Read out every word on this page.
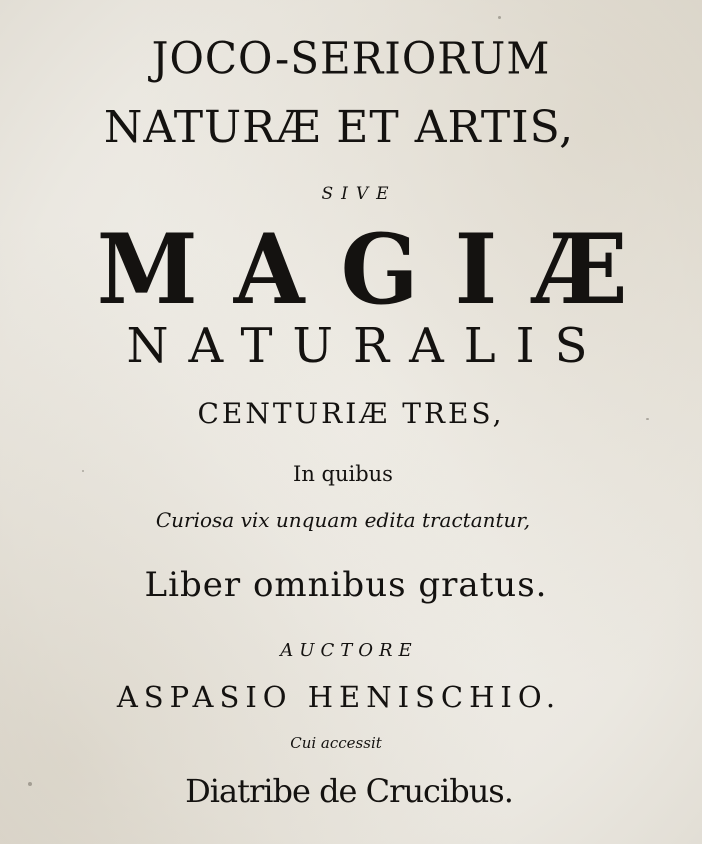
JOCO-SERIORUM
NATURÆ ET ARTIS,
SIVE
MAGIÆ
NATURALIS
CENTURIÆ TRES,
In quibus
Curiosa vix unquam edita tractantur,
Liber omnibus gratus.
AUCTORE
ASPASIO HENISCHIO.
Cui accessit
Diatribe de Crucibus.
